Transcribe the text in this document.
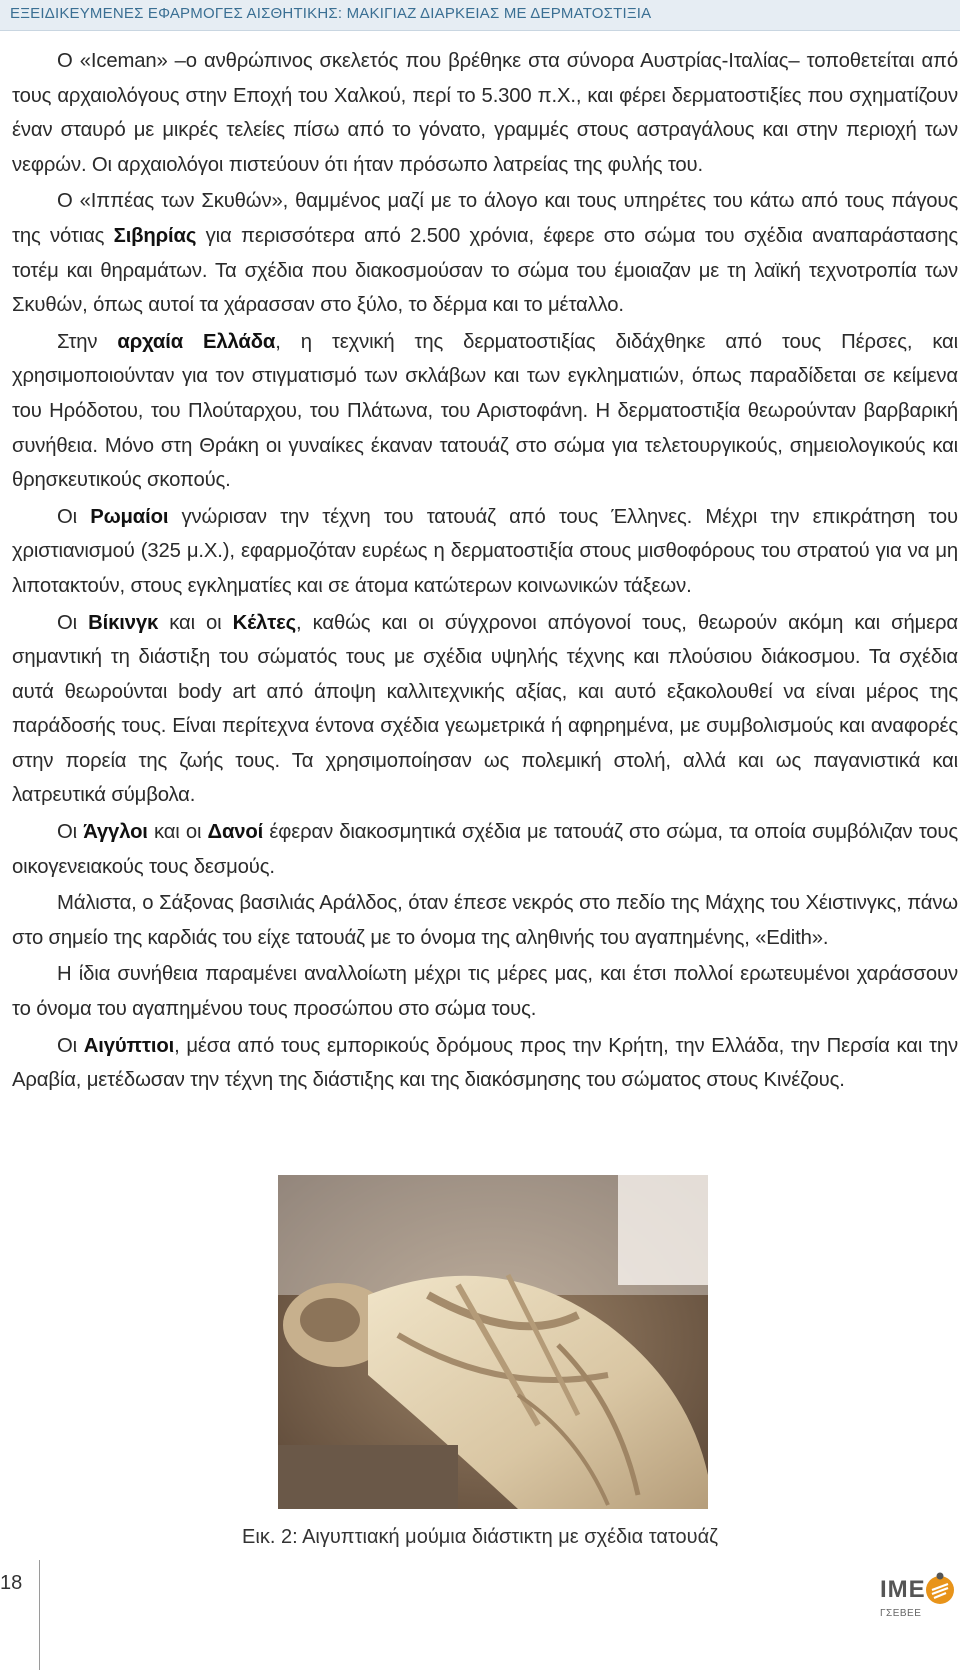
ΕΞΕΙΔΙΚΕΥΜΕΝΕΣ ΕΦΑΡΜΟΓΕΣ ΑΙΣΘΗΤΙΚΗΣ: ΜΑΚΙΓΙΑΖ ΔΙΑΡΚΕΙΑΣ ΜΕ ΔΕΡΜΑΤΟΣΤΙΞΙΑ

Ο «Iceman» –ο ανθρώπινος σκελετός που βρέθηκε στα σύνορα Αυστρίας-Ιταλίας– τοποθετείται από τους αρχαιολόγους στην Εποχή του Χαλκού, περί το 5.300 π.Χ., και φέρει δερματοστιξίες που σχηματίζουν έναν σταυρό με μικρές τελείες πίσω από το γόνατο, γραμμές στους αστραγάλους και στην περιοχή των νεφρών. Οι αρχαιολόγοι πιστεύουν ότι ήταν πρόσωπο λατρείας της φυλής του.

Ο «Ιππέας των Σκυθών», θαμμένος μαζί με το άλογο και τους υπηρέτες του κάτω από τους πάγους της νότιας Σιβηρίας για περισσότερα από 2.500 χρόνια, έφερε στο σώμα του σχέδια αναπαράστασης τοτέμ και θηραμάτων. Τα σχέδια που διακοσμούσαν το σώμα του έμοιαζαν με τη λαϊκή τεχνοτροπία των Σκυθών, όπως αυτοί τα χάρασσαν στο ξύλο, το δέρμα και το μέταλλο.

Στην αρχαία Ελλάδα, η τεχνική της δερματοστιξίας διδάχθηκε από τους Πέρσες, και χρησιμοποιούνταν για τον στιγματισμό των σκλάβων και των εγκληματιών, όπως παραδίδεται σε κείμενα του Ηρόδοτου, του Πλούταρχου, του Πλάτωνα, του Αριστοφάνη. Η δερματοστιξία θεωρούνταν βαρβαρική συνήθεια. Μόνο στη Θράκη οι γυναίκες έκαναν τατουάζ στο σώμα για τελετουργικούς, σημειολογικούς και θρησκευτικούς σκοπούς.

Οι Ρωμαίοι γνώρισαν την τέχνη του τατουάζ από τους Έλληνες. Μέχρι την επικράτηση του χριστιανισμού (325 μ.Χ.), εφαρμοζόταν ευρέως η δερματοστιξία στους μισθοφόρους του στρατού για να μη λιποτακτούν, στους εγκληματίες και σε άτομα κατώτερων κοινωνικών τάξεων.

Οι Βίκινγκ και οι Κέλτες, καθώς και οι σύγχρονοι απόγονοί τους, θεωρούν ακόμη και σήμερα σημαντική τη διάστιξη του σώματός τους με σχέδια υψηλής τέχνης και πλούσιου διάκοσμου. Τα σχέδια αυτά θεωρούνται body art από άποψη καλλιτεχνικής αξίας, και αυτό εξακολουθεί να είναι μέρος της παράδοσής τους. Είναι περίτεχνα έντονα σχέδια γεωμετρικά ή αφηρημένα, με συμβολισμούς και αναφορές στην πορεία της ζωής τους. Τα χρησιμοποίησαν ως πολεμική στολή, αλλά και ως παγανιστικά και λατρευτικά σύμβολα.

Οι Άγγλοι και οι Δανοί έφεραν διακοσμητικά σχέδια με τατουάζ στο σώμα, τα οποία συμβόλιζαν τους οικογενειακούς τους δεσμούς.

Μάλιστα, ο Σάξονας βασιλιάς Αράλδος, όταν έπεσε νεκρός στο πεδίο της Μάχης του Χέιστινγκς, πάνω στο σημείο της καρδιάς του είχε τατουάζ με το όνομα της αληθινής του αγαπημένης, «Edith».

Η ίδια συνήθεια παραμένει αναλλοίωτη μέχρι τις μέρες μας, και έτσι πολλοί ερωτευμένοι χαράσσουν το όνομα του αγαπημένου τους προσώπου στο σώμα τους.

Οι Αιγύπτιοι, μέσα από τους εμπορικούς δρόμους προς την Κρήτη, την Ελλάδα, την Περσία και την Αραβία, μετέδωσαν την τέχνη της διάστιξης και της διακόσμησης του σώματος στους Κινέζους.

Εικ. 2: Αιγυπτιακή μούμια διάστικτη με σχέδια τατουάζ
18	ΙΜΕ
ΓΣΕΒΕΕ
